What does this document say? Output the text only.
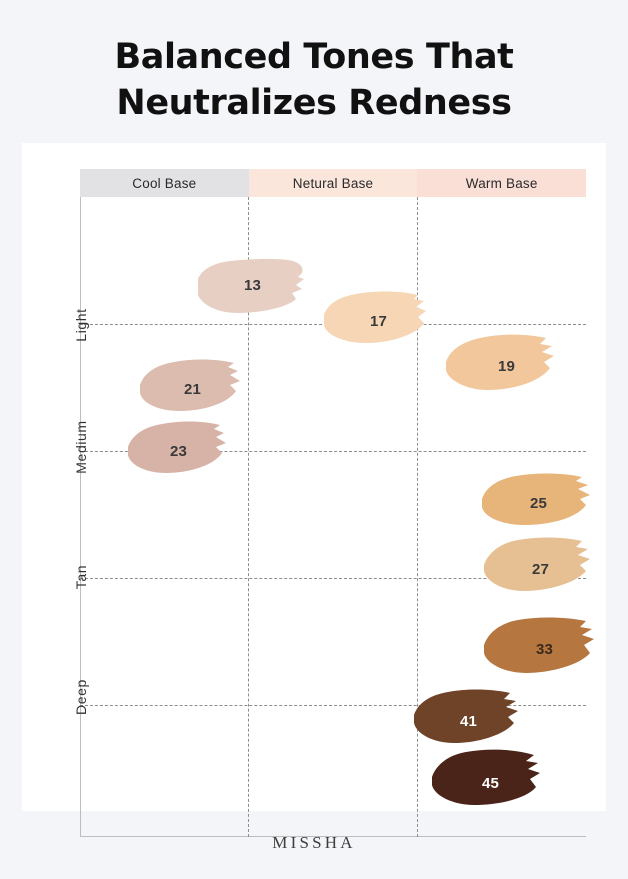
Balanced Tones That
Neutralizes Redness
Cool Base	Netural Base	Warm Base
Light
Medium
Tan
Deep
13
17
19
21
23
25
27
33
41
45
MISSHA
